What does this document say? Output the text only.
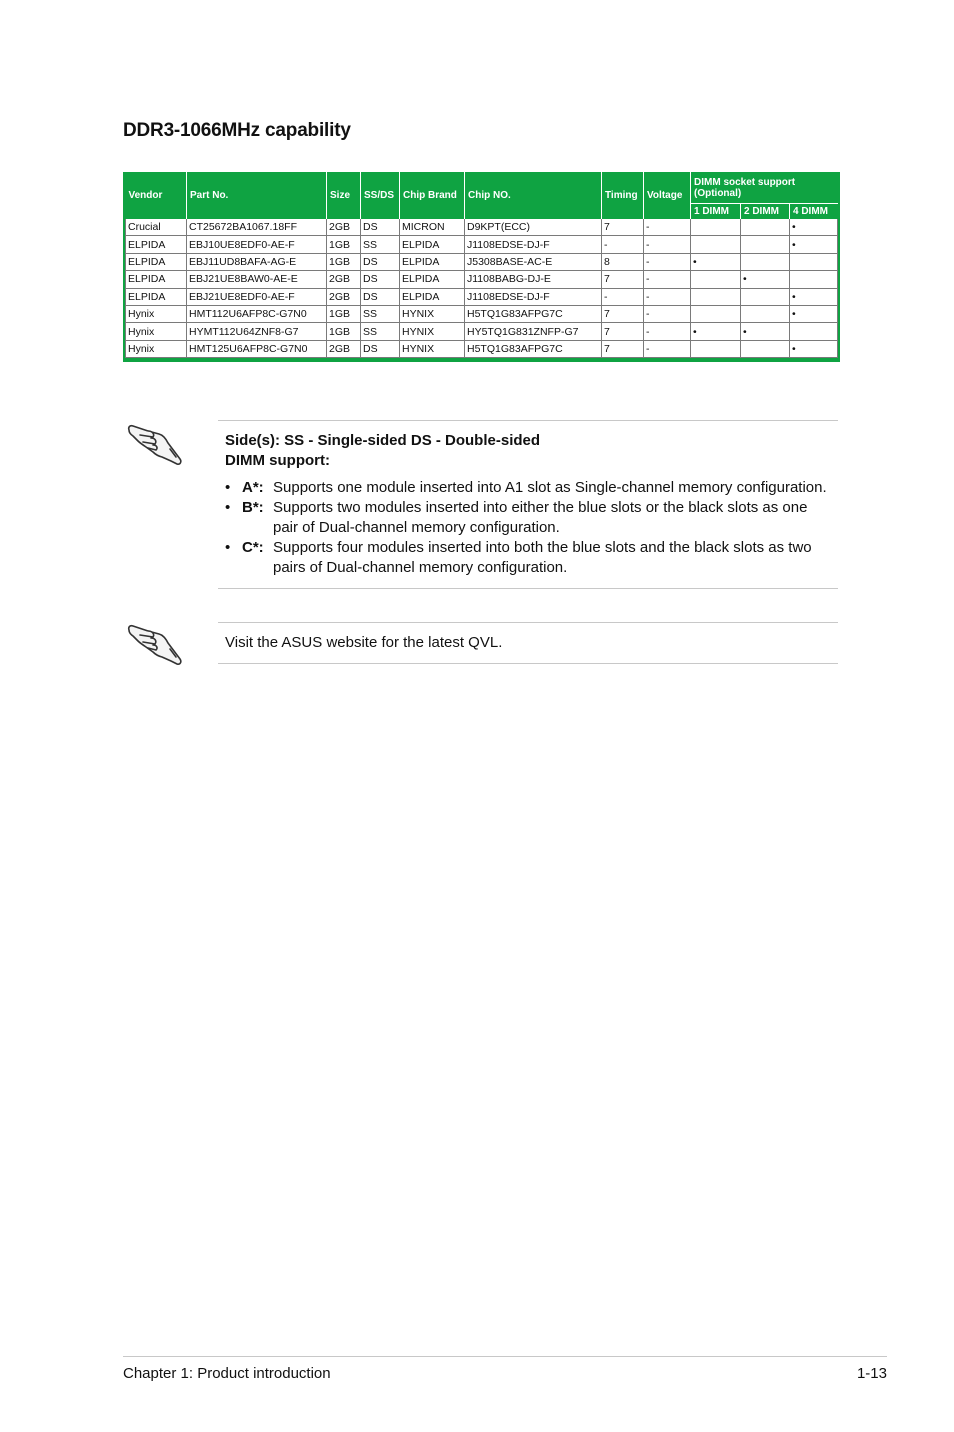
DDR3-1066MHz capability
Vendor	Part No.	Size	SS/DS	Chip Brand	Chip NO.	Timing	Voltage	DIMM socket support (Optional)		
								1 DIMM	2 DIMM	4 DIMM
Crucial	CT25672BA1067.18FF	2GB	DS	MICRON	D9KPT(ECC)	7	-			•
ELPIDA	EBJ10UE8EDF0-AE-F	1GB	SS	ELPIDA	J1108EDSE-DJ-F	-	-			•
ELPIDA	EBJ11UD8BAFA-AG-E	1GB	DS	ELPIDA	J5308BASE-AC-E	8	-	•		
ELPIDA	EBJ21UE8BAW0-AE-E	2GB	DS	ELPIDA	J1108BABG-DJ-E	7	-		•	
ELPIDA	EBJ21UE8EDF0-AE-F	2GB	DS	ELPIDA	J1108EDSE-DJ-F	-	-			•
Hynix	HMT112U6AFP8C-G7N0	1GB	SS	HYNIX	H5TQ1G83AFPG7C	7	-			•
Hynix	HYMT112U64ZNF8-G7	1GB	SS	HYNIX	HY5TQ1G831ZNFP-G7	7	-	•	•	
Hynix	HMT125U6AFP8C-G7N0	2GB	DS	HYNIX	H5TQ1G83AFPG7C	7	-			•

Side(s): SS - Single-sided DS - Double-sided

DIMM support:

• A*: Supports one module inserted into A1 slot as Single-channel memory configuration.
• B*: Supports two modules inserted into either the blue slots or the black slots as one pair of Dual-channel memory configuration.
• C*: Supports four modules inserted into both the blue slots and the black slots as two pairs of Dual-channel memory configuration.
Visit the ASUS website for the latest QVL.
Chapter 1: Product introduction	1-13
